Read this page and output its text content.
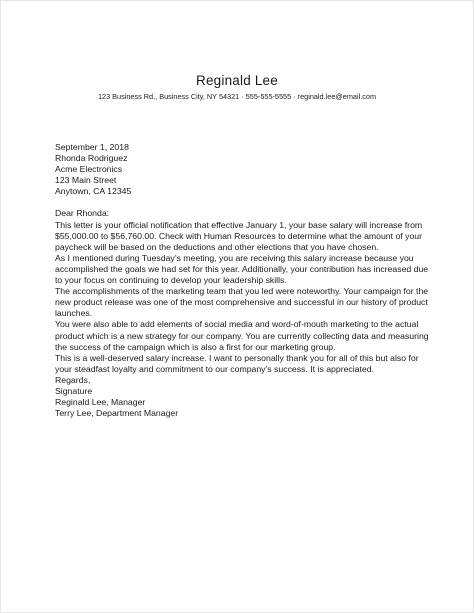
Reginald Lee
123 Business Rd., Business City, NY 54321 · 555-555-5555 · reginald.lee@email.com

September 1, 2018

Rhonda Rodriguez
Acme Electronics
123 Main Street
Anytown, CA 12345

Dear Rhonda:

This letter is your official notification that effective January 1, your base salary will increase from $55,000.00 to $56,760.00. Check with Human Resources to determine what the amount of your paycheck will be based on the deductions and other elections that you have chosen.

As I mentioned during Tuesday’s meeting, you are receiving this salary increase because you accomplished the goals we had set for this year. Additionally, your contribution has increased due to your focus on continuing to develop your leadership skills.

The accomplishments of the marketing team that you led were noteworthy. Your campaign for the new product release was one of the most comprehensive and successful in our history of product launches.

You were also able to add elements of social media and word-of-mouth marketing to the actual product which is a new strategy for our company. You are currently collecting data and measuring the success of the campaign which is also a first for our marketing group.

This is a well-deserved salary increase. I want to personally thank you for all of this but also for your steadfast loyalty and commitment to our company’s success. It is appreciated.

Regards,

Signature

Reginald Lee, Manager
Terry Lee, Department Manager
